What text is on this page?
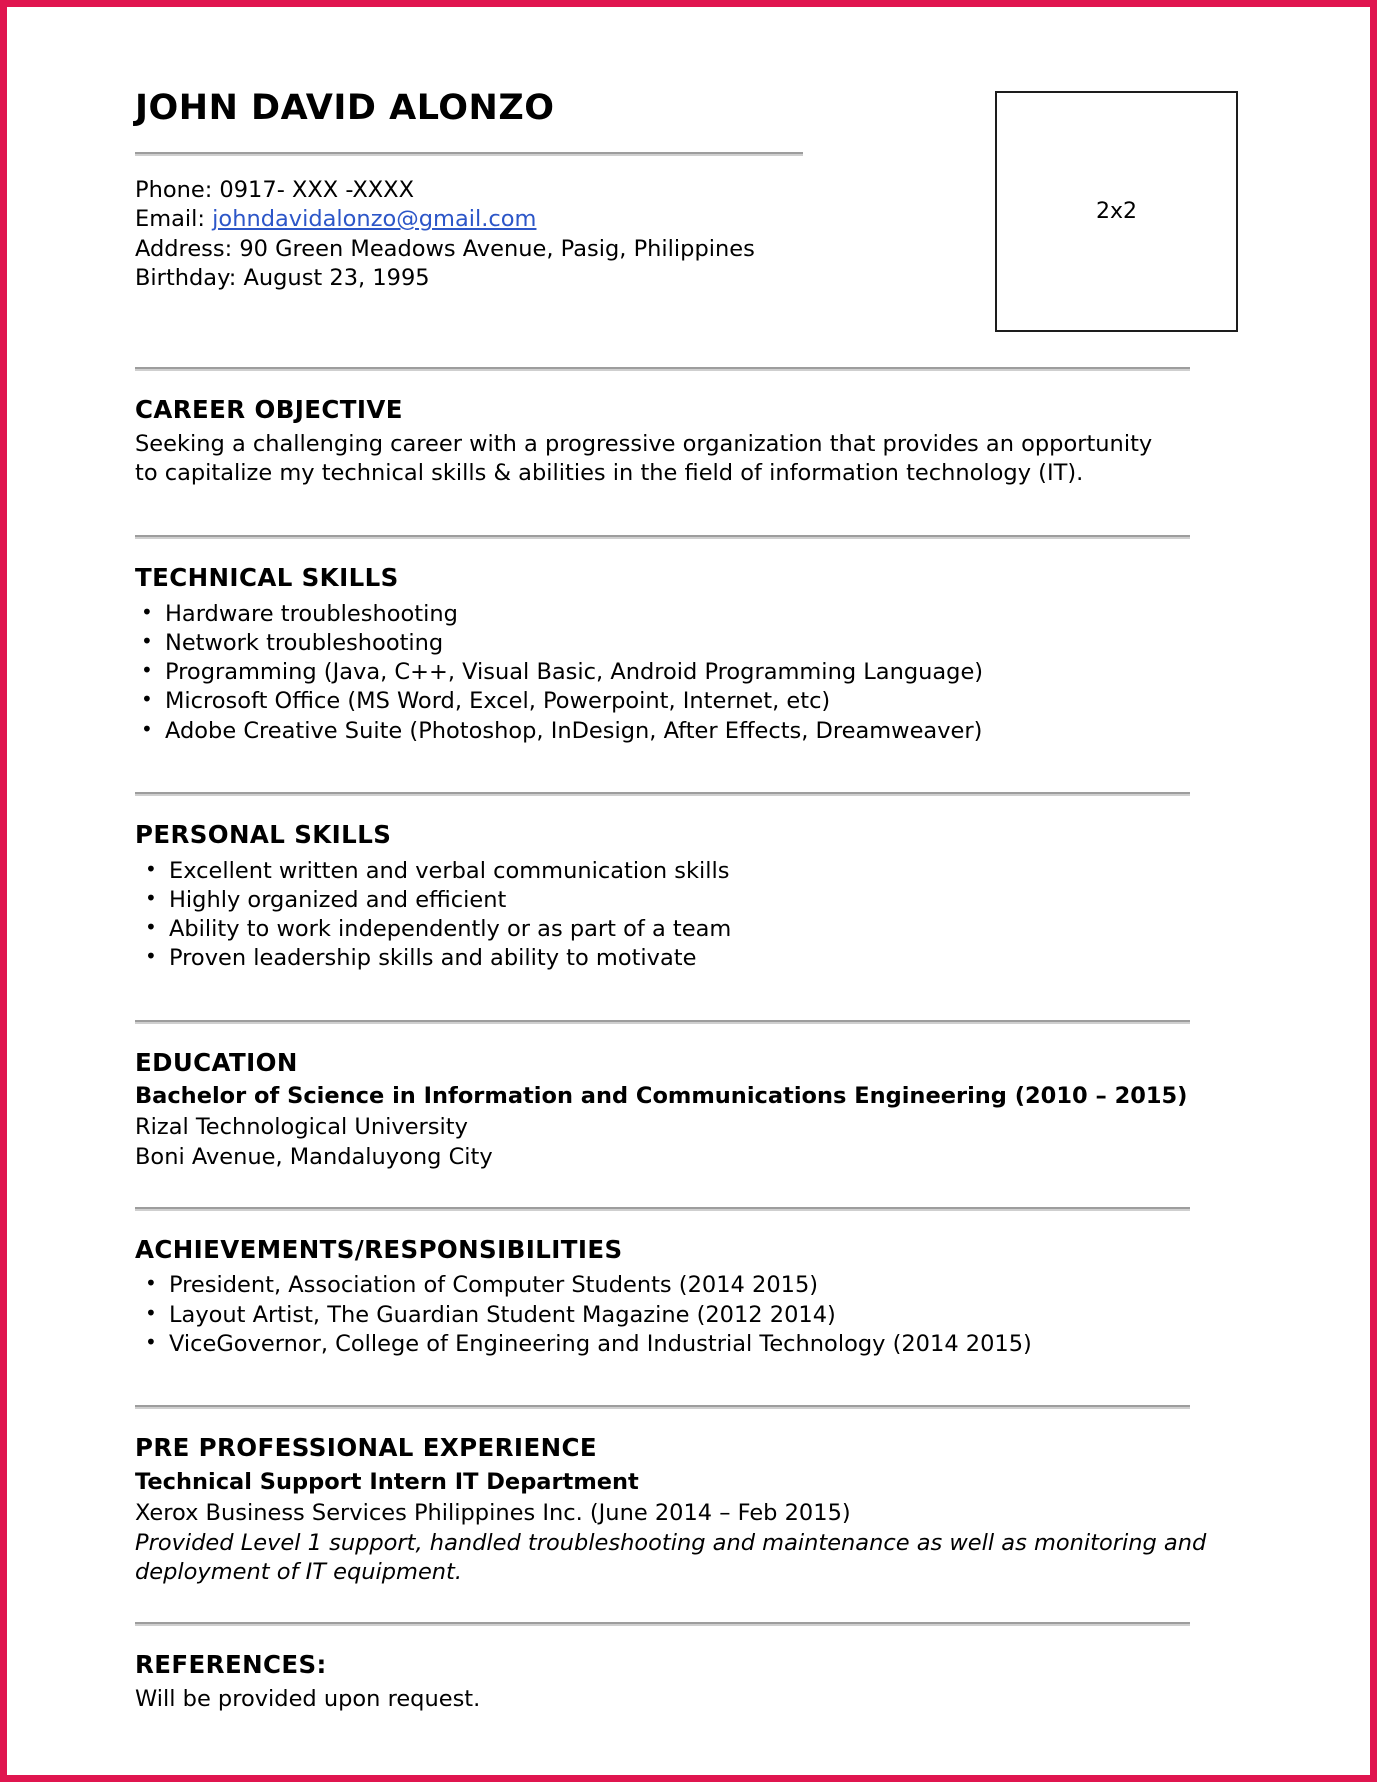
JOHN DAVID ALONZO
Phone: 0917- XXX -XXXX
Email: johndavidalonzo@gmail.com
Address: 90 Green Meadows Avenue, Pasig, Philippines
Birthday: August 23, 1995
2x2
CAREER OBJECTIVE
Seeking a challenging career with a progressive organization that provides an opportunity
to capitalize my technical skills & abilities in the field of information technology (IT).
TECHNICAL SKILLS
• Hardware troubleshooting
• Network troubleshooting
• Programming (Java, C++, Visual Basic, Android Programming Language)
• Microsoft Office (MS Word, Excel, Powerpoint, Internet, etc)
• Adobe Creative Suite (Photoshop, InDesign, After Effects, Dreamweaver)
PERSONAL SKILLS
• Excellent written and verbal communication skills
• Highly organized and efficient
• Ability to work independently or as part of a team
• Proven leadership skills and ability to motivate
EDUCATION
Bachelor of Science in Information and Communications Engineering (2010 – 2015)
Rizal Technological University
Boni Avenue, Mandaluyong City
ACHIEVEMENTS/RESPONSIBILITIES
• President, Association of Computer Students (2014 2015)
• Layout Artist, The Guardian Student Magazine (2012 2014)
• ViceGovernor, College of Engineering and Industrial Technology (2014 2015)
PRE PROFESSIONAL EXPERIENCE
Technical Support Intern IT Department
Xerox Business Services Philippines Inc. (June 2014 – Feb 2015)
Provided Level 1 support, handled troubleshooting and maintenance as well as monitoring and
deployment of IT equipment.
REFERENCES:
Will be provided upon request.
